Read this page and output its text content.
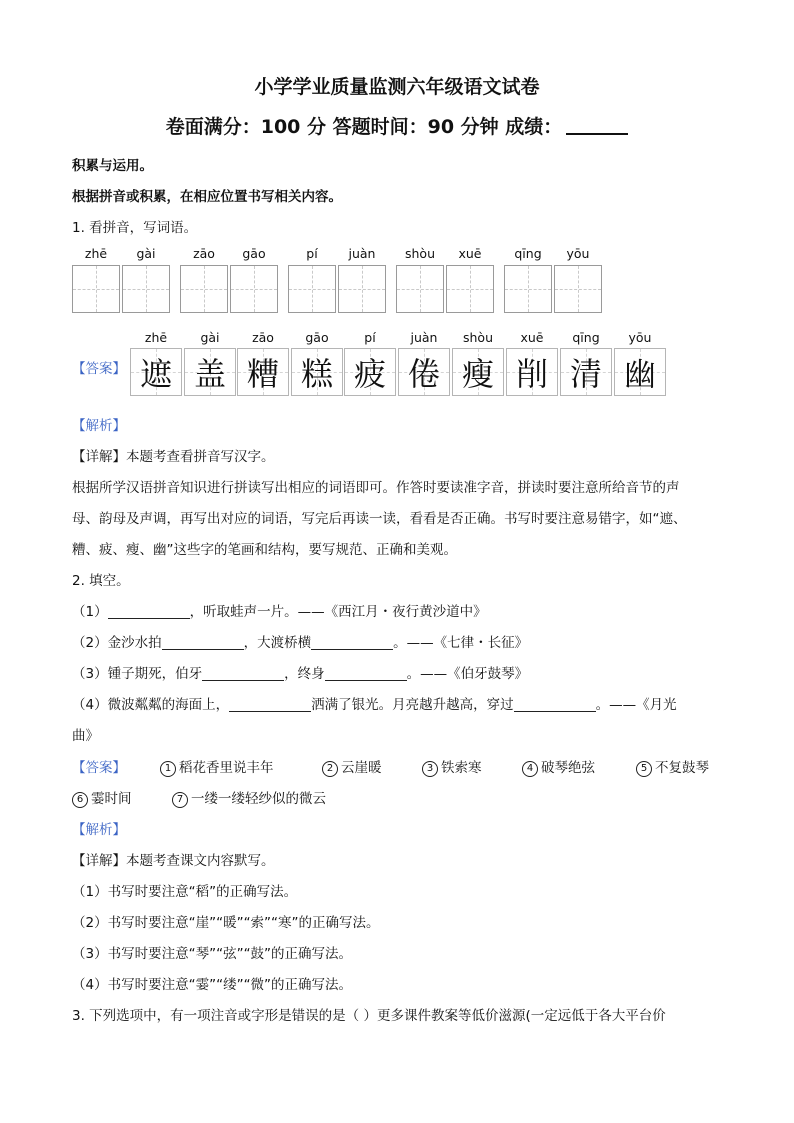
小学学业质量监测六年级语文试卷
卷面满分：100 分 答题时间：90 分钟 成绩：
积累与运用。
根据拼音或积累，在相应位置书写相关内容。
1. 看拼音，写词语。
zhē	gài	zāo	gāo	pí	juàn	shòu	xuē	qīng	yōu
【答案】
zhē	gài
遮 盖
zāo	gāo
糟 糕
pí	juàn
疲 倦
shòu	xuē
瘦 削
qīng	yōu
清 幽
【解析】
【详解】本题考查看拼音写汉字。
根据所学汉语拼音知识进行拼读写出相应的词语即可。作答时要读准字音，拼读时要注意所给音节的声
母、韵母及声调，再写出对应的词语，写完后再读一读，看看是否正确。书写时要注意易错字，如“遮、
糟、疲、瘦、幽”这些字的笔画和结构，要写规范、正确和美观。
2. 填空。
（1）	，听取蛙声一片。——《西江月・夜行黄沙道中》
（2）金沙水拍	，大渡桥横	。——《七律・长征》
（3）锺子期死，伯牙	，终身	。——《伯牙鼓琴》
（4）微波粼粼的海面上，	洒满了银光。月亮越升越高，穿过	。——《月光
曲》
【答案】	1 稻花香里说丰年	2 云崖暖	3 铁索寒	4 破琴绝弦	5 不复鼓琴
6 霎时间	7 一缕一缕轻纱似的微云
【解析】
【详解】本题考查课文内容默写。
（1）书写时要注意“稻”的正确写法。
（2）书写时要注意“崖”“暖”“索”“寒”的正确写法。
（3）书写时要注意“琴”“弦”“鼓”的正确写法。
（4）书写时要注意“霎”“缕”“微”的正确写法。
3. 下列选项中，有一项注音或字形是错误的是（ ）更多课件教案等低价滋源(一定远低于各大平台价
